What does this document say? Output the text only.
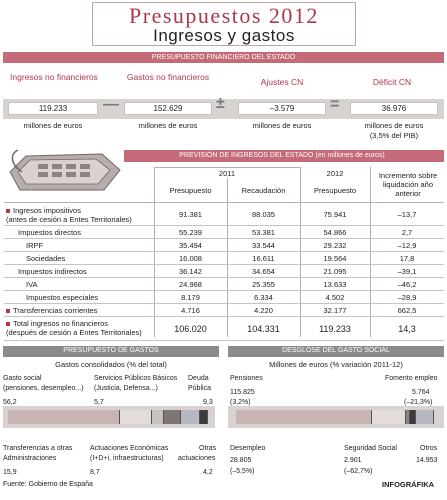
Presupuestos 2012
Ingresos y gastos
PRESUPUESTO FINANCIERO DEL ESTADO
Ingresos no financieros	Gastos no financieros	Ajustes CN	Déficit CN
119.233	152.629	–3.579	36.976
—	±	=
millones de euros	millones de euros	millones de euros	millones de euros
(3,5% del PIB)
PREVISIÓN DE INGRESOS DEL ESTADO (en millones de euros)
2011	2012
Presupuesto	Recaudación	Presupuesto
Incremento sobre liquidación año anterior
Ingresos impositivos
(antes de cesión a Entes Territoriales)
91.381	88.035	75.941	–13,7
Impuestos directos	55.239	53.381	54.866	2,7
IRPF	35.494	33.544	29.232	–12,9
Sociedades	16.008	16.611	19.564	17,8
Impuestos indirectos	36.142	34.654	21.095	–39,1
IVA	24.968	25.355	13.633	–46,2
Impuestos especiales	8.179	6.334	4.502	–28,9
Transferencias corrientes	4.716	4.220	32.177	662,5
Total ingresos no financieros
(después de cesión a Entes Territoriales)	106.020	104.331	119.233	14,3
PRESUPUESTO DE GASTOS	DESGLOSE DEL GASTO SOCIAL
Gastos consolidados (% del total)
Gasto social
(pensiones, desempleo...)
56,2
Servicios Públicos Básicos
(Justicia, Defensa...)
5,7
Deuda
Pública
9,3
Transferencias a otras
Administraciones
15,9
Actuaciones Económicas
(I+D+i, infraestructuras)
8,7
Otras
actuaciones
4,2
Millones de euros (% variación 2011-12)
Pensiones
115.825
(3,2%)
Fomento empleo
5.764
(–21,3%)
Desempleo
28.805
(–5,5%)
Seguridad Social
2.901
(–62,7%)
Otros
14.953
Fuente: Gobierno de España	INFOGRÁFIKA
